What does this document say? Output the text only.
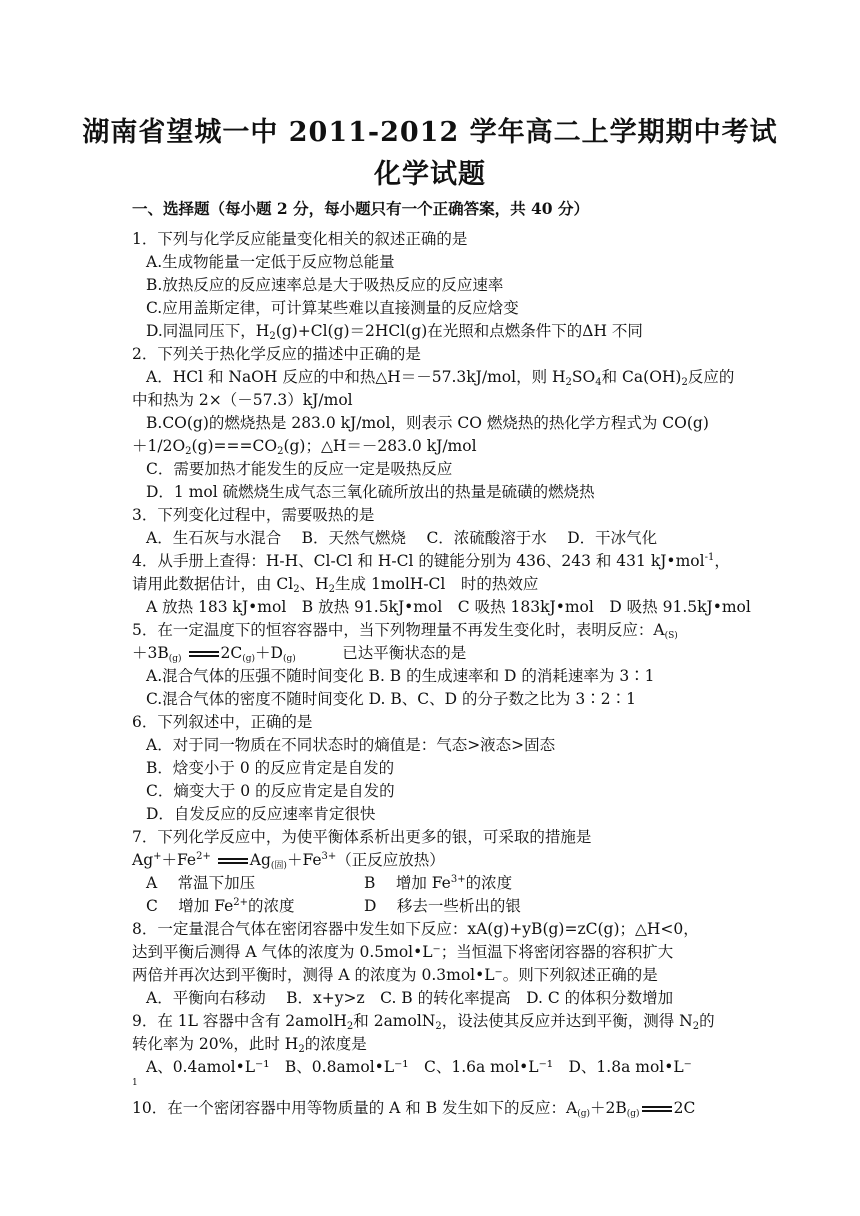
湖南省望城一中 2011-2012 学年高二上学期期中考试
化学试题
一、选择题（每小题 2 分，每小题只有一个正确答案，共 40 分）
1．下列与化学反应能量变化相关的叙述正确的是
A.生成物能量一定低于反应物总能量
B.放热反应的反应速率总是大于吸热反应的反应速率
C.应用盖斯定律，可计算某些难以直接测量的反应焓变
D.同温同压下，$H_2(g)+Cl(g)=2HCl(g)$在光照和点燃条件下的ΔH 不同
2．下列关于热化学反应的描述中正确的是
A．HCl 和 NaOH 反应的中和热△H＝－57.3kJ/mol，则 $H_2SO_4$和 $Ca(OH)_2$反应的
中和热为 2×（－57.3）kJ/mol
B.CO(g)的燃烧热是 283.0 kJ/mol，则表示 CO 燃烧热的热化学方程式为 CO(g)
$+1/2O_2(g)===CO_2(g)$；△H＝－283.0 kJ/mol
C．需要加热才能发生的反应一定是吸热反应
D．1 mol 硫燃烧生成气态三氧化硫所放出的热量是硫磺的燃烧热
3．下列变化过程中，需要吸热的是
A．生石灰与水混合　 B．天然气燃烧　 C．浓硫酸溶于水　 D．干冰气化
4．从手册上查得：H-H、Cl-Cl 和 H-Cl 的键能分别为 436、243 和 431 kJ•mol$^{-1}$，
请用此数据估计，由 $Cl_2$、$H_2$生成 1molH-Cl　时的热效应
A 放热 183 kJ•mol　B 放热 91.5kJ•mol　C 吸热 183kJ•mol　D 吸热 91.5kJ•mol
5．在一定温度下的恒容容器中，当下列物理量不再发生变化时，表明反应：$A_{(S)}$
$+3B_{(g)}$	$2C_{(g)}+D_{(g)}$　　　	已达平衡状态的是
A.混合气体的压强不随时间变化 B. B 的生成速率和 D 的消耗速率为 3∶1
C.混合气体的密度不随时间变化 D. B、C、D 的分子数之比为 3∶2∶1
6．下列叙述中，正确的是
A．对于同一物质在不同状态时的熵值是：气态>液态>固态
B．焓变小于 0 的反应肯定是自发的
C．熵变大于 0 的反应肯定是自发的
D．自发反应的反应速率肯定很快
7．下列化学反应中，为使平衡体系析出更多的银，可采取的措施是
$Ag^++Fe^{2+}$	$Ag_{(固)}+Fe^{3+}$（正反应放热）
A　 常温下加压	B　 增加 $Fe^{3+}$的浓度
C　 增加 $Fe^{2+}$的浓度	D　 移去一些析出的银
8．一定量混合气体在密闭容器中发生如下反应：xA(g)+yB(g)=zC(g)；△H<0，
达到平衡后测得 A 气体的浓度为 0.5mol•L⁻；当恒温下将密闭容器的容积扩大
两倍并再次达到平衡时，测得 A 的浓度为 0.3mol•L⁻。则下列叙述正确的是
A．平衡向右移动　 B．x+y>z　C. B 的转化率提高　D. C 的体积分数增加
9．在 1L 容器中含有 2amolH$_2$和 2amolN$_2$，设法使其反应并达到平衡，测得 $N_2$的
转化率为 20%，此时 $H_2$的浓度是
A、0.4amol•L⁻¹　B、0.8amol•L⁻¹　C、1.6a mol•L⁻¹　D、1.8a mol•L⁻
1
10．在一个密闭容器中用等物质量的 A 和 B 发生如下的反应：$A_{(g)}+2B_{(g)}$ 2C
